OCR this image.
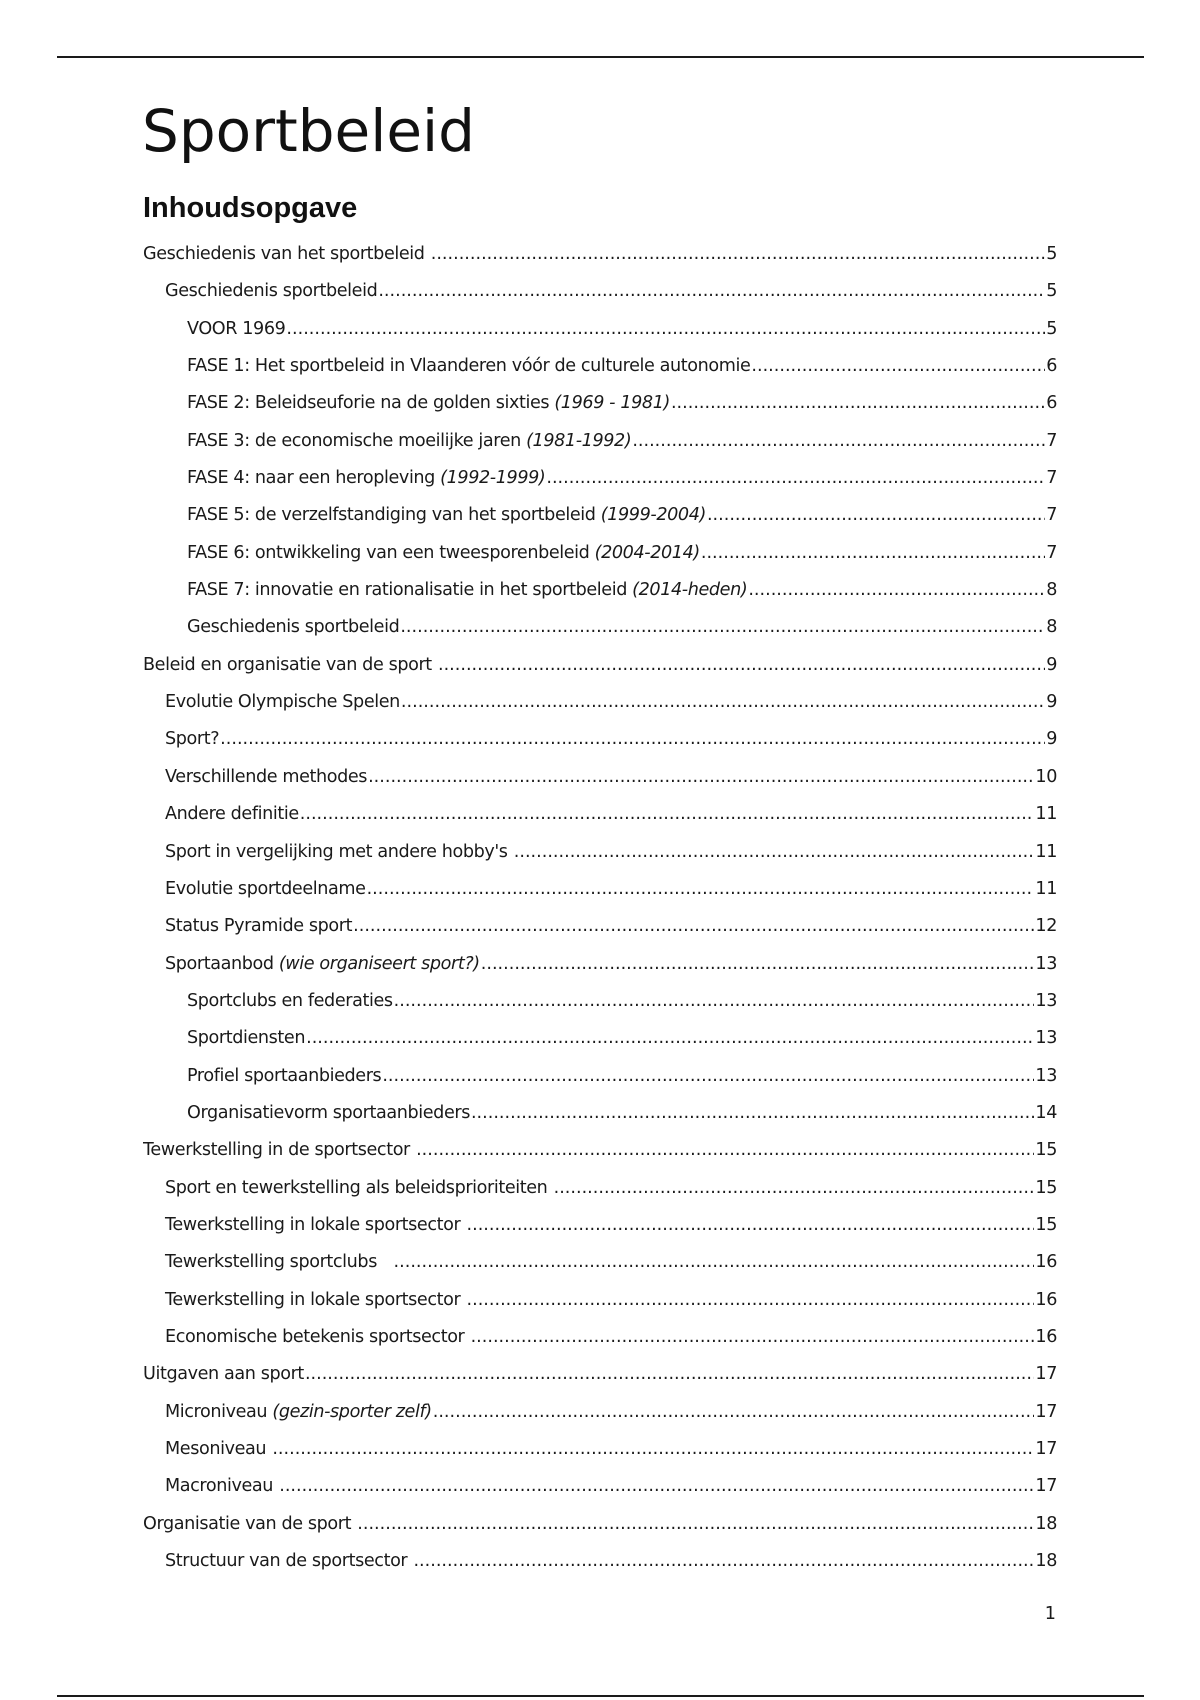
Sportbeleid
Inhoudsopgave
Geschiedenis van het sportbeleid .....	5
Geschiedenis sportbeleid .....	5
VOOR 1969 .....	5
FASE 1: Het sportbeleid in Vlaanderen vóór de culturele autonomie .....	6
FASE 2: Beleidseuforie na de golden sixties (1969 - 1981) .....	6
FASE 3: de economische moeilijke jaren (1981-1992) .....	7
FASE 4: naar een heropleving (1992-1999) .....	7
FASE 5: de verzelfstandiging van het sportbeleid (1999-2004) .....	7
FASE 6: ontwikkeling van een tweesporenbeleid (2004-2014) .....	7
FASE 7: innovatie en rationalisatie in het sportbeleid (2014-heden) .....	8
Geschiedenis sportbeleid .....	8
Beleid en organisatie van de sport .....	9
Evolutie Olympische Spelen .....	9
Sport? .....	9
Verschillende methodes .....	10
Andere definitie .....	11
Sport in vergelijking met andere hobby's .....	11
Evolutie sportdeelname .....	11
Status Pyramide sport .....	12
Sportaanbod (wie organiseert sport?) .....	13
Sportclubs en federaties .....	13
Sportdiensten .....	13
Profiel sportaanbieders .....	13
Organisatievorm sportaanbieders .....	14
Tewerkstelling in de sportsector .....	15
Sport en tewerkstelling als beleidsprioriteiten .....	15
Tewerkstelling in lokale sportsector .....	15
Tewerkstelling sportclubs .....	16
Tewerkstelling in lokale sportsector .....	16
Economische betekenis sportsector .....	16
Uitgaven aan sport .....	17
Microniveau (gezin-sporter zelf) .....	17
Mesoniveau .....	17
Macroniveau .....	17
Organisatie van de sport .....	18
Structuur van de sportsector .....	18
1
